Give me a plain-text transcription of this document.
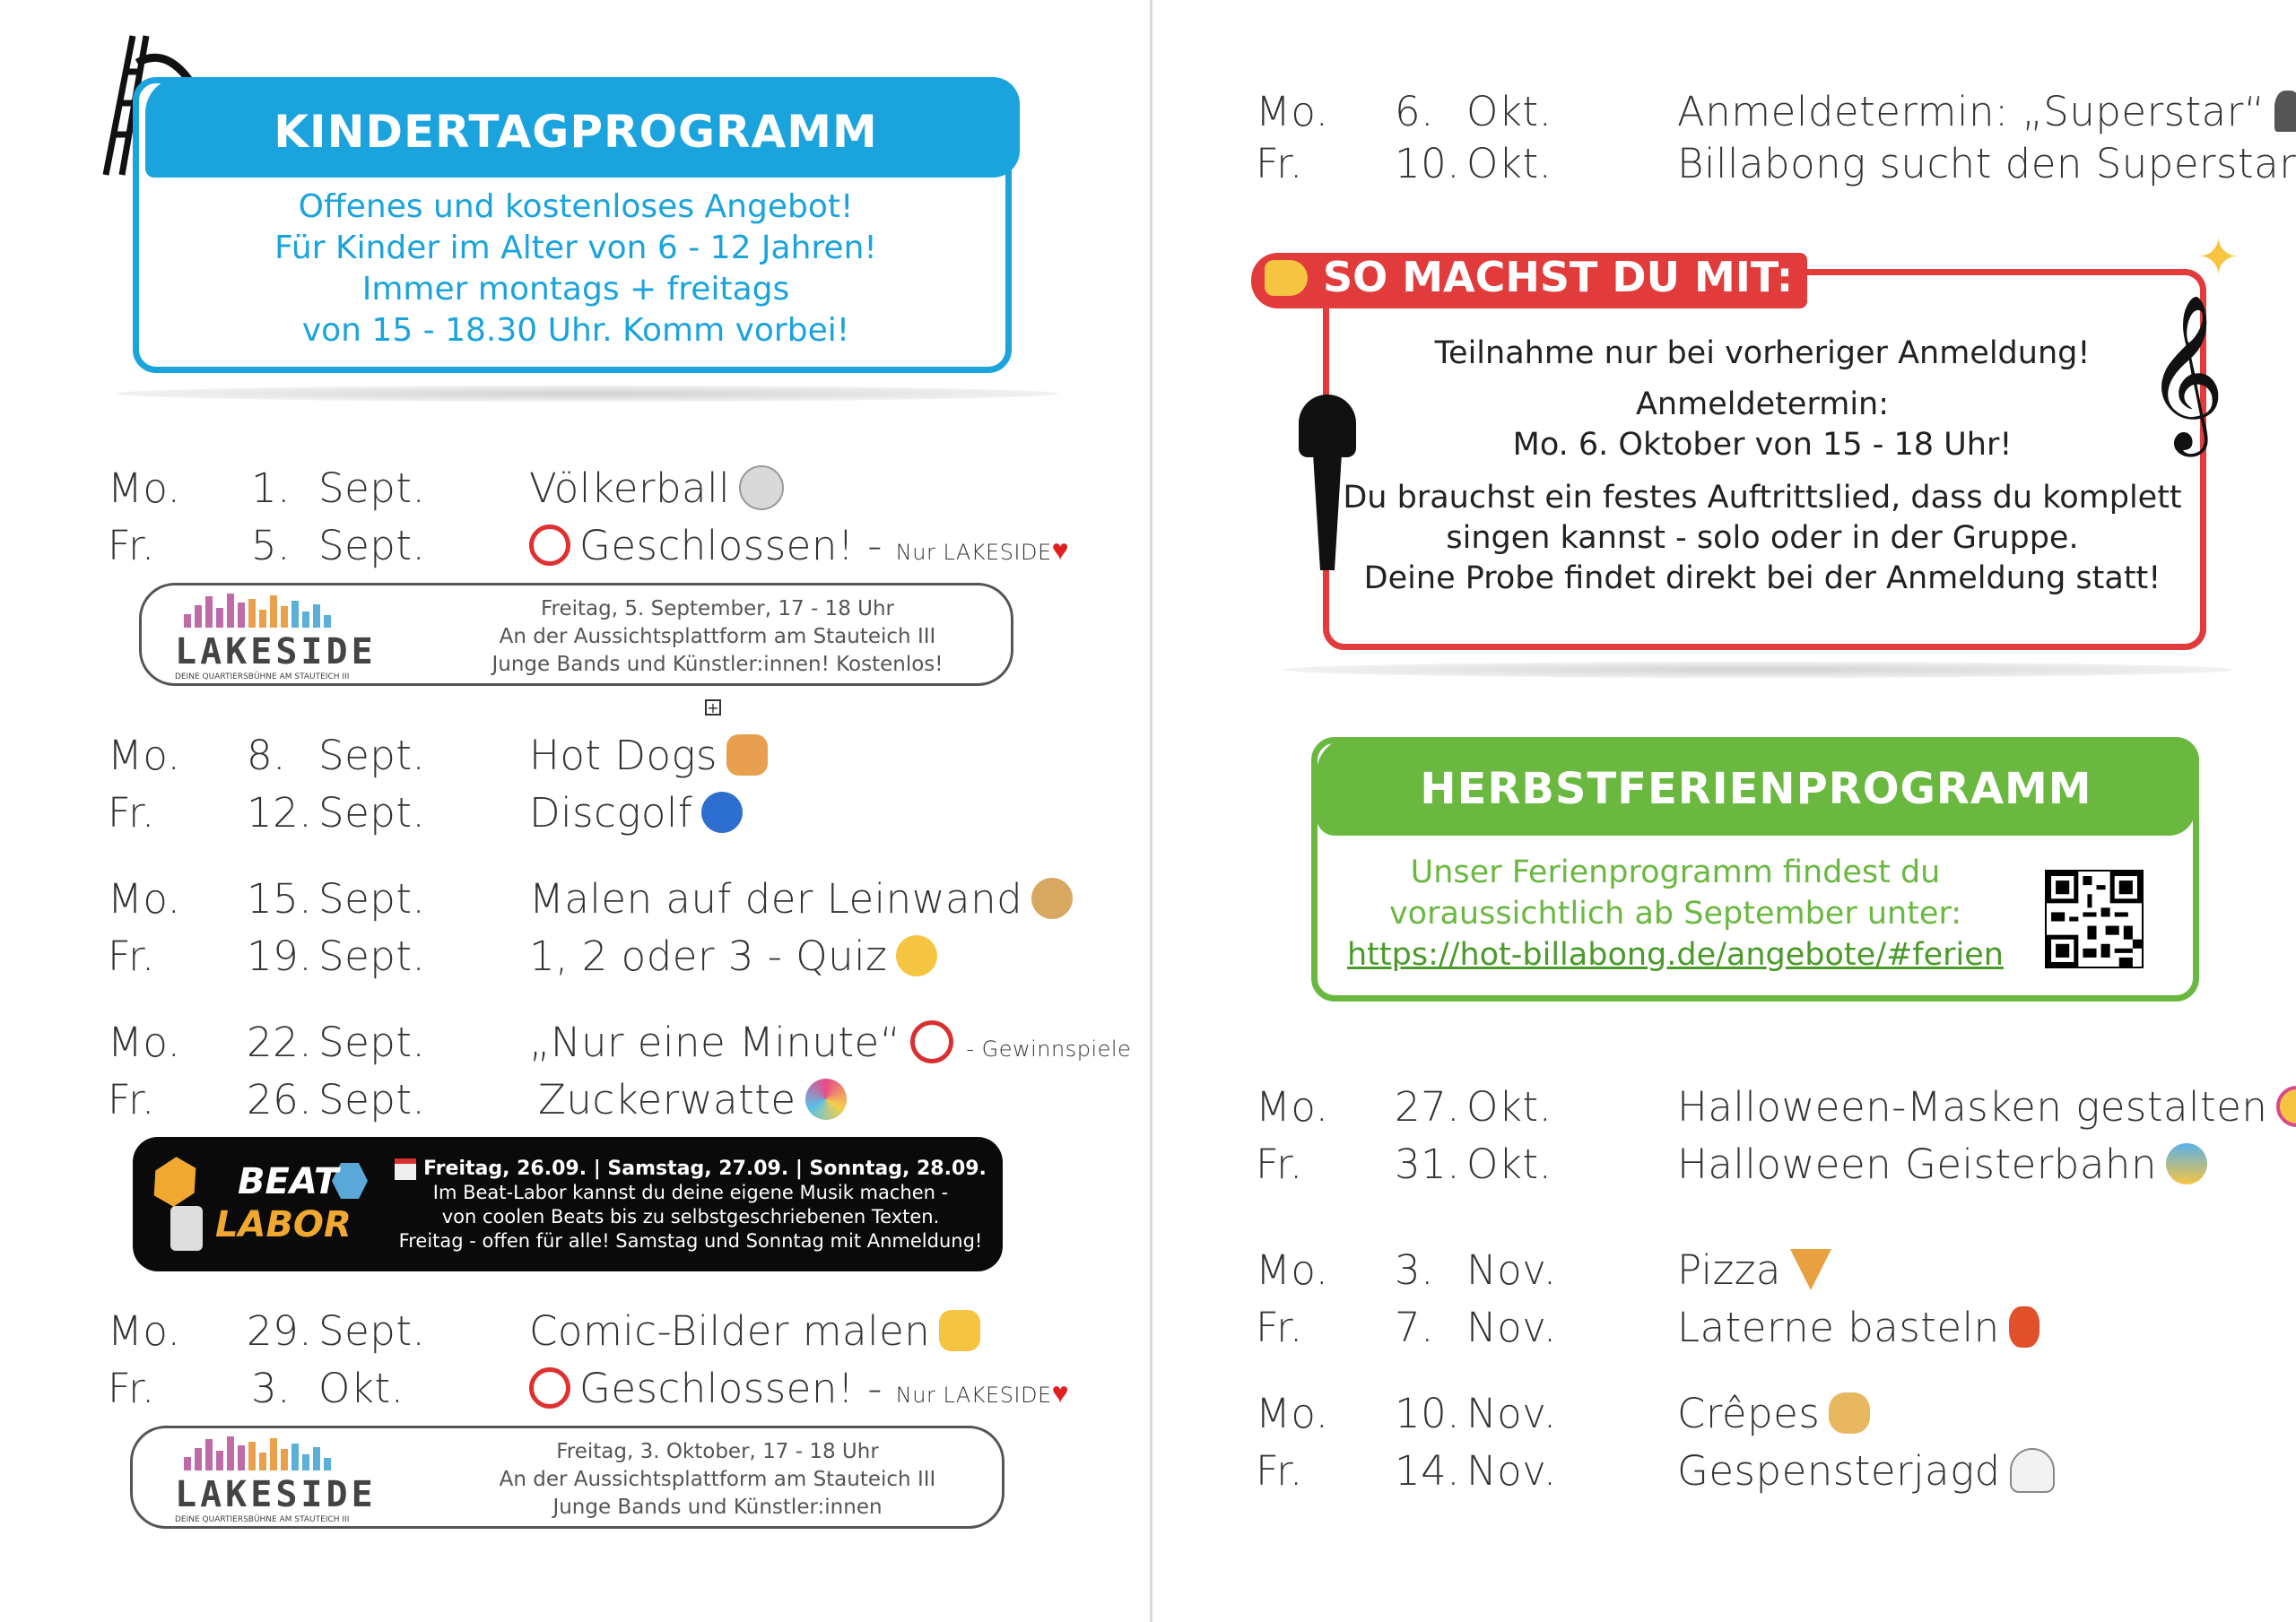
KINDERTAGPROGRAMM
Offenes und kostenloses Angebot!
Für Kinder im Alter von 6 - 12 Jahren!
Immer montags + freitags
von 15 - 18.30 Uhr. Komm vorbei!
Mo. 1. Sept.	Völkerball
Fr. 5. Sept.	Geschlossen! - Nur LAKESIDE♥
LAKESIDE
DEINE QUARTIERSBÜHNE AM STAUTEICH III
Freitag, 5. September, 17 - 18 Uhr
An der Aussichtsplattform am Stauteich III
Junge Bands und Künstler:innen! Kostenlos!
+
Mo. 8. Sept.	Hot Dogs
Fr. 12. Sept.	Discgolf
Mo. 15. Sept.	Malen auf der Leinwand
Fr. 19. Sept.	1, 2 oder 3 - Quiz
Mo. 22. Sept.	„Nur eine Minute“	- Gewinnspiele
Fr. 26. Sept.	Zuckerwatte
BEAT
LABOR
Freitag, 26.09. | Samstag, 27.09. | Sonntag, 28.09.
Im Beat-Labor kannst du deine eigene Musik machen -
von coolen Beats bis zu selbstgeschriebenen Texten.
Freitag - offen für alle! Samstag und Sonntag mit Anmeldung!
Mo. 29. Sept.	Comic-Bilder malen
Fr. 3. Okt.	Geschlossen! - Nur LAKESIDE♥
LAKESIDE
DEINE QUARTIERSBÜHNE AM STAUTEICH III
Freitag, 3. Oktober, 17 - 18 Uhr
An der Aussichtsplattform am Stauteich III
Junge Bands und Künstler:innen
Mo. 6. Okt.	Anmeldetermin: „Superstar“
Fr. 10. Okt.	Billabong sucht den Superstar
SO MACHST DU MIT:	✦
𝄞
Teilnahme nur bei vorheriger Anmeldung!
Anmeldetermin:
Mo. 6. Oktober von 15 - 18 Uhr!
Du brauchst ein festes Auftrittslied, dass du komplett
singen kannst - solo oder in der Gruppe.
Deine Probe findet direkt bei der Anmeldung statt!
HERBSTFERIENPROGRAMM
Unser Ferienprogramm findest du
voraussichtlich ab September unter:
https://hot-billabong.de/angebote/#ferien
Mo. 27. Okt.	Halloween-Masken gestalten
Fr. 31. Okt.	Halloween Geisterbahn
Mo. 3. Nov.	Pizza
Fr. 7. Nov.	Laterne basteln
Mo. 10. Nov.	Crêpes
Fr. 14. Nov.	Gespensterjagd
